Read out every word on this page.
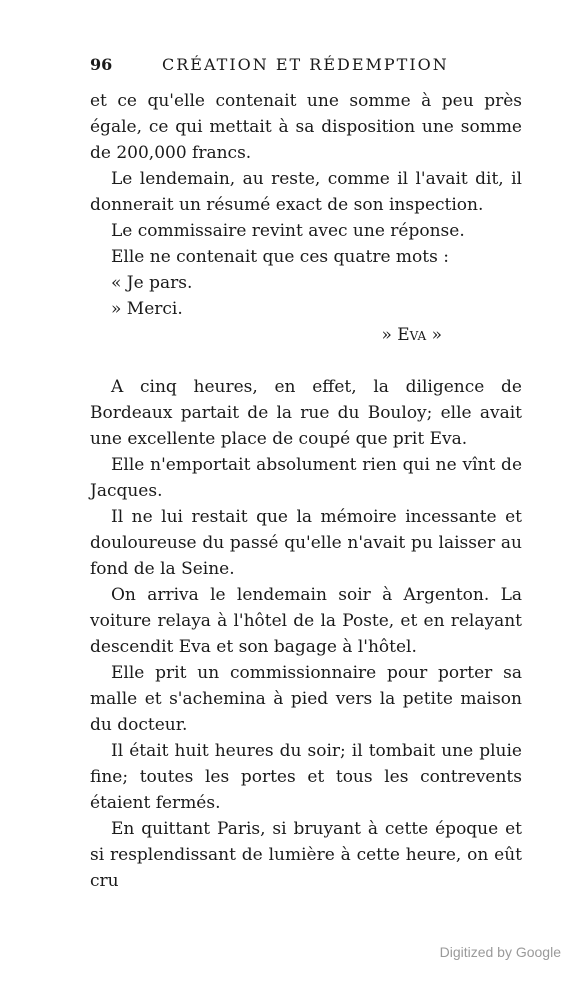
96	CRÉATION ET RÉDEMPTION

et ce qu'elle contenait une somme à peu près égale, ce qui mettait à sa disposition une somme de 200,000 francs.

Le lendemain, au reste, comme il l'avait dit, il donnerait un résumé exact de son inspection.

Le commissaire revint avec une réponse.

Elle ne contenait que ces quatre mots :

« Je pars.

» Merci.

» Eva »

A cinq heures, en effet, la diligence de Bordeaux partait de la rue du Bouloy; elle avait une excellente place de coupé que prit Eva.

Elle n'emportait absolument rien qui ne vînt de Jacques.

Il ne lui restait que la mémoire incessante et douloureuse du passé qu'elle n'avait pu laisser au fond de la Seine.

On arriva le lendemain soir à Argenton. La voiture relaya à l'hôtel de la Poste, et en relayant descendit Eva et son bagage à l'hôtel.

Elle prit un commissionnaire pour porter sa malle et s'achemina à pied vers la petite maison du docteur.

Il était huit heures du soir; il tombait une pluie fine; toutes les portes et tous les contrevents étaient fermés.

En quittant Paris, si bruyant à cette époque et si resplendissant de lumière à cette heure, on eût cru

Digitized by Google
